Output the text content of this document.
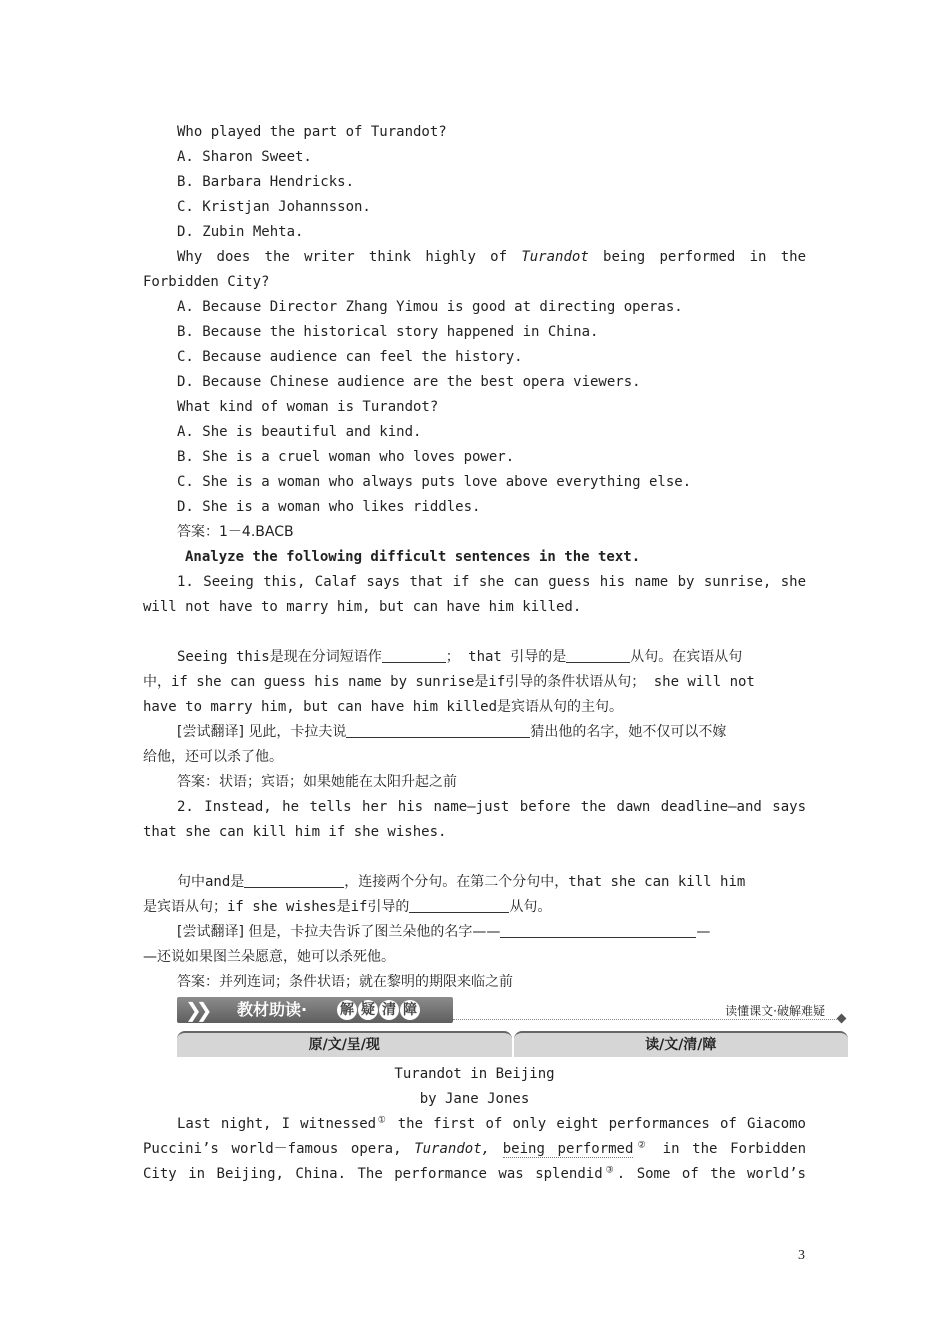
Who played the part of Turandot?
A. Sharon Sweet.
B. Barbara Hendricks.
C. Kristjan Johannsson.
D. Zubin Mehta.
Why does the writer think highly of Turandot being performed in the
Forbidden City?
A. Because Director Zhang Yimou is good at directing operas.
B. Because the historical story happened in China.
C. Because audience can feel the history.
D. Because Chinese audience are the best opera viewers.
What kind of woman is Turandot?
A. She is beautiful and kind.
B. She is a cruel woman who loves power.
C. She is a woman who always puts love above everything else.
D. She is a woman who likes riddles.
答案：1－4.BACB
Analyze the following difficult sentences in the text.
1. Seeing this, Calaf says that if she can guess his name by sunrise, she
will not have to marry him, but can have him killed.
Seeing this是现在分词短语作	； that 引导的是	从句。在宾语从句
中，if she can guess his name by sunrise是if引导的条件状语从句； she will not
have to marry him, but can have him killed是宾语从句的主句。
[尝试翻译] 见此，卡拉夫说	猜出他的名字，她不仅可以不嫁
给他，还可以杀了他。
答案：状语；宾语；如果她能在太阳升起之前
2. Instead, he tells her his name—just before the dawn deadline—and says
that she can kill him if she wishes.
句中and是	，连接两个分句。在第二个分句中，that she can kill him
是宾语从句；if she wishes是if引导的	从句。
[尝试翻译] 但是，卡拉夫告诉了图兰朵他的名字——	—
—还说如果图兰朵愿意，她可以杀死他。
答案：并列连词；条件状语；就在黎明的期限来临之前
❯❯ 教材助读· 解 疑 清 障	读懂课文·破解难疑
原/文/呈/现	读/文/清/障
Turandot in Beijing
by Jane Jones
Last night, I witnessed① the first of only eight performances of Giacomo
Puccini’s world－famous opera, Turandot, being performed② in the Forbidden
City in Beijing, China. The performance was splendid③. Some of the world’s
3
